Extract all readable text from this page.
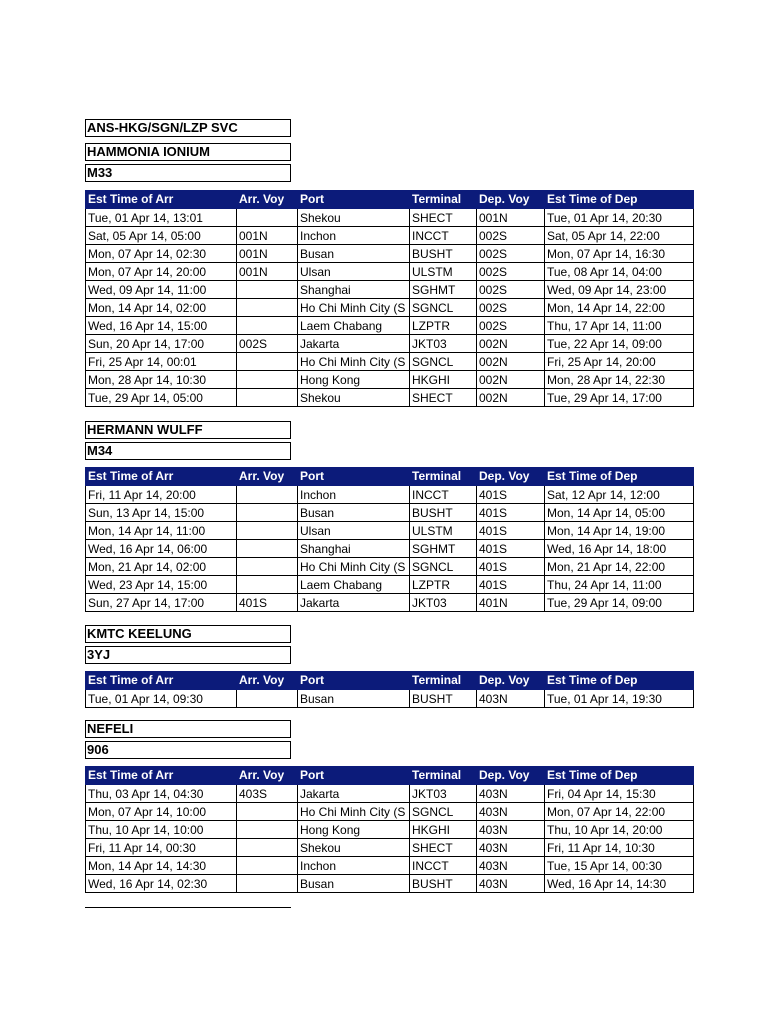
ANS-HKG/SGN/LZP SVC
HAMMONIA IONIUM
M33
Est Time of Arr	Arr. Voy	Port	Terminal	Dep. Voy	Est Time of Dep
Tue, 01 Apr 14, 13:01		Shekou	SHECT	001N	Tue, 01 Apr 14, 20:30
Sat, 05 Apr 14, 05:00	001N	Inchon	INCCT	002S	Sat, 05 Apr 14, 22:00
Mon, 07 Apr 14, 02:30	001N	Busan	BUSHT	002S	Mon, 07 Apr 14, 16:30
Mon, 07 Apr 14, 20:00	001N	Ulsan	ULSTM	002S	Tue, 08 Apr 14, 04:00
Wed, 09 Apr 14, 11:00		Shanghai	SGHMT	002S	Wed, 09 Apr 14, 23:00
Mon, 14 Apr 14, 02:00		Ho Chi Minh City (S	SGNCL	002S	Mon, 14 Apr 14, 22:00
Wed, 16 Apr 14, 15:00		Laem Chabang	LZPTR	002S	Thu, 17 Apr 14, 11:00
Sun, 20 Apr 14, 17:00	002S	Jakarta	JKT03	002N	Tue, 22 Apr 14, 09:00
Fri, 25 Apr 14, 00:01		Ho Chi Minh City (S	SGNCL	002N	Fri, 25 Apr 14, 20:00
Mon, 28 Apr 14, 10:30		Hong Kong	HKGHI	002N	Mon, 28 Apr 14, 22:30
Tue, 29 Apr 14, 05:00		Shekou	SHECT	002N	Tue, 29 Apr 14, 17:00
HERMANN WULFF
M34
Est Time of Arr	Arr. Voy	Port	Terminal	Dep. Voy	Est Time of Dep
Fri, 11 Apr 14, 20:00		Inchon	INCCT	401S	Sat, 12 Apr 14, 12:00
Sun, 13 Apr 14, 15:00		Busan	BUSHT	401S	Mon, 14 Apr 14, 05:00
Mon, 14 Apr 14, 11:00		Ulsan	ULSTM	401S	Mon, 14 Apr 14, 19:00
Wed, 16 Apr 14, 06:00		Shanghai	SGHMT	401S	Wed, 16 Apr 14, 18:00
Mon, 21 Apr 14, 02:00		Ho Chi Minh City (S	SGNCL	401S	Mon, 21 Apr 14, 22:00
Wed, 23 Apr 14, 15:00		Laem Chabang	LZPTR	401S	Thu, 24 Apr 14, 11:00
Sun, 27 Apr 14, 17:00	401S	Jakarta	JKT03	401N	Tue, 29 Apr 14, 09:00
KMTC KEELUNG
3YJ
Est Time of Arr	Arr. Voy	Port	Terminal	Dep. Voy	Est Time of Dep
Tue, 01 Apr 14, 09:30		Busan	BUSHT	403N	Tue, 01 Apr 14, 19:30
NEFELI
906
Est Time of Arr	Arr. Voy	Port	Terminal	Dep. Voy	Est Time of Dep
Thu, 03 Apr 14, 04:30	403S	Jakarta	JKT03	403N	Fri, 04 Apr 14, 15:30
Mon, 07 Apr 14, 10:00		Ho Chi Minh City (S	SGNCL	403N	Mon, 07 Apr 14, 22:00
Thu, 10 Apr 14, 10:00		Hong Kong	HKGHI	403N	Thu, 10 Apr 14, 20:00
Fri, 11 Apr 14, 00:30		Shekou	SHECT	403N	Fri, 11 Apr 14, 10:30
Mon, 14 Apr 14, 14:30		Inchon	INCCT	403N	Tue, 15 Apr 14, 00:30
Wed, 16 Apr 14, 02:30		Busan	BUSHT	403N	Wed, 16 Apr 14, 14:30
